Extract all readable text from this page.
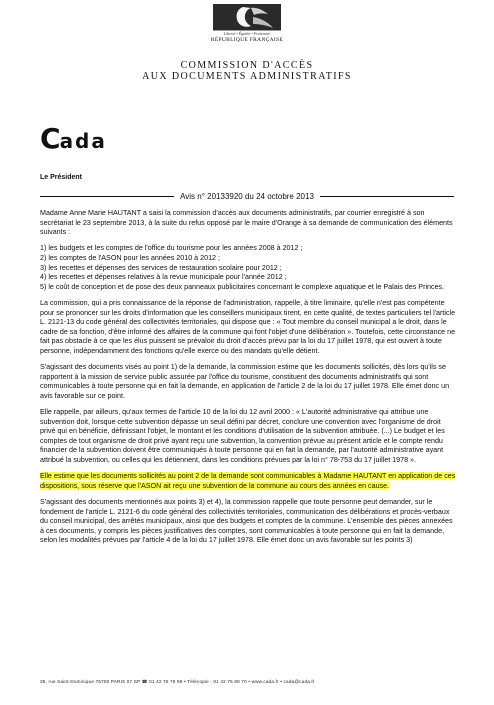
Liberté • Égalité • Fraternité
RÉPUBLIQUE FRANÇAISE
COMMISSION D'ACCÈS
AUX DOCUMENTS ADMINISTRATIFS
Cada
Le Président
Avis n° 20133920 du 24 octobre 2013

Madame Anne Marie HAUTANT a saisi la commission d'accès aux documents administratifs, par courrier enregistré à son secrétariat le 23 septembre 2013, à la suite du refus opposé par le maire d'Orange à sa demande de communication des éléments suivants :

1) les budgets et les comptes de l'office du tourisme pour les années 2008 à 2012 ;
2) les comptes de l'ASON pour les années 2010 à 2012 ;
3) les recettes et dépenses des services de restauration scolaire pour 2012 ;
4) les recettes et dépenses relatives à la revue municipale pour l'année 2012 ;
5) le coût de conception et de pose des deux panneaux publicitaires concernant le complexe aquatique et le Palais des Princes.

La commission, qui a pris connaissance de la réponse de l'administration, rappelle, à titre liminaire, qu'elle n'est pas compétente pour se prononcer sur les droits d'information que les conseillers municipaux tirent, en cette qualité, de textes particuliers tel l'article L. 2121-13 du code général des collectivités territoriales, qui dispose que : « Tout membre du conseil municipal a le droit, dans le cadre de sa fonction, d'être informé des affaires de la commune qui font l'objet d'une délibération ». Toutefois, cette circonstance ne fait pas obstacle à ce que les élus puissent se prévaloir du droit d'accès prévu par la loi du 17 juillet 1978, qui est ouvert à toute personne, indépendamment des fonctions qu'elle exerce ou des mandats qu'elle détient.

S'agissant des documents visés au point 1) de la demande, la commission estime que les documents sollicités, dès lors qu'ils se rapportent à la mission de service public assurée par l'office du tourisme, constituent des documents administratifs qui sont communicables à toute personne qui en fait la demande, en application de l'article 2 de la loi du 17 juillet 1978. Elle émet donc un avis favorable sur ce point.

Elle rappelle, par ailleurs, qu'aux termes de l'article 10 de la loi du 12 avril 2000 : « L'autorité administrative qui attribue une subvention doit, lorsque cette subvention dépasse un seuil défini par décret, conclure une convention avec l'organisme de droit privé qui en bénéficie, définissant l'objet, le montant et les conditions d'utilisation de la subvention attribuée. (...) Le budget et les comptes de tout organisme de droit privé ayant reçu une subvention, la convention prévue au présent article et le compte rendu financier de la subvention doivent être communiqués à toute personne qui en fait la demande, par l'autorité administrative ayant attribué la subvention, ou celles qui les détiennent, dans les conditions prévues par la loi n° 78-753 du 17 juillet 1978 ».

Elle estime que les documents sollicités au point 2 de la demande sont communicables à Madame HAUTANT en application de ces dispositions, sous réserve que l'ASON ait reçu une subvention de la commune au cours des années en cause.

S'agissant des documents mentionnés aux points 3) et 4), la commission rappelle que toute personne peut demander, sur le fondement de l'article L. 2121-6 du code général des collectivités territoriales, communication des délibérations et procès-verbaux du conseil municipal, des arrêtés municipaux, ainsi que des budgets et comptes de la commune. L'ensemble des pièces annexées à ces documents, y compris les pièces justificatives des comptes, sont communicables à toute personne qui en fait la demande, selon les modalités prévues par l'article 4 de la loi du 17 juillet 1978. Elle émet donc un avis favorable sur les points 3)

35, rue Saint-Dominique 75700 PARIS 07 SP ☎ 01 42 75 79 99 • Télécopie : 01 42 75 80 70 • www.cada.fr • cada@cada.fr
